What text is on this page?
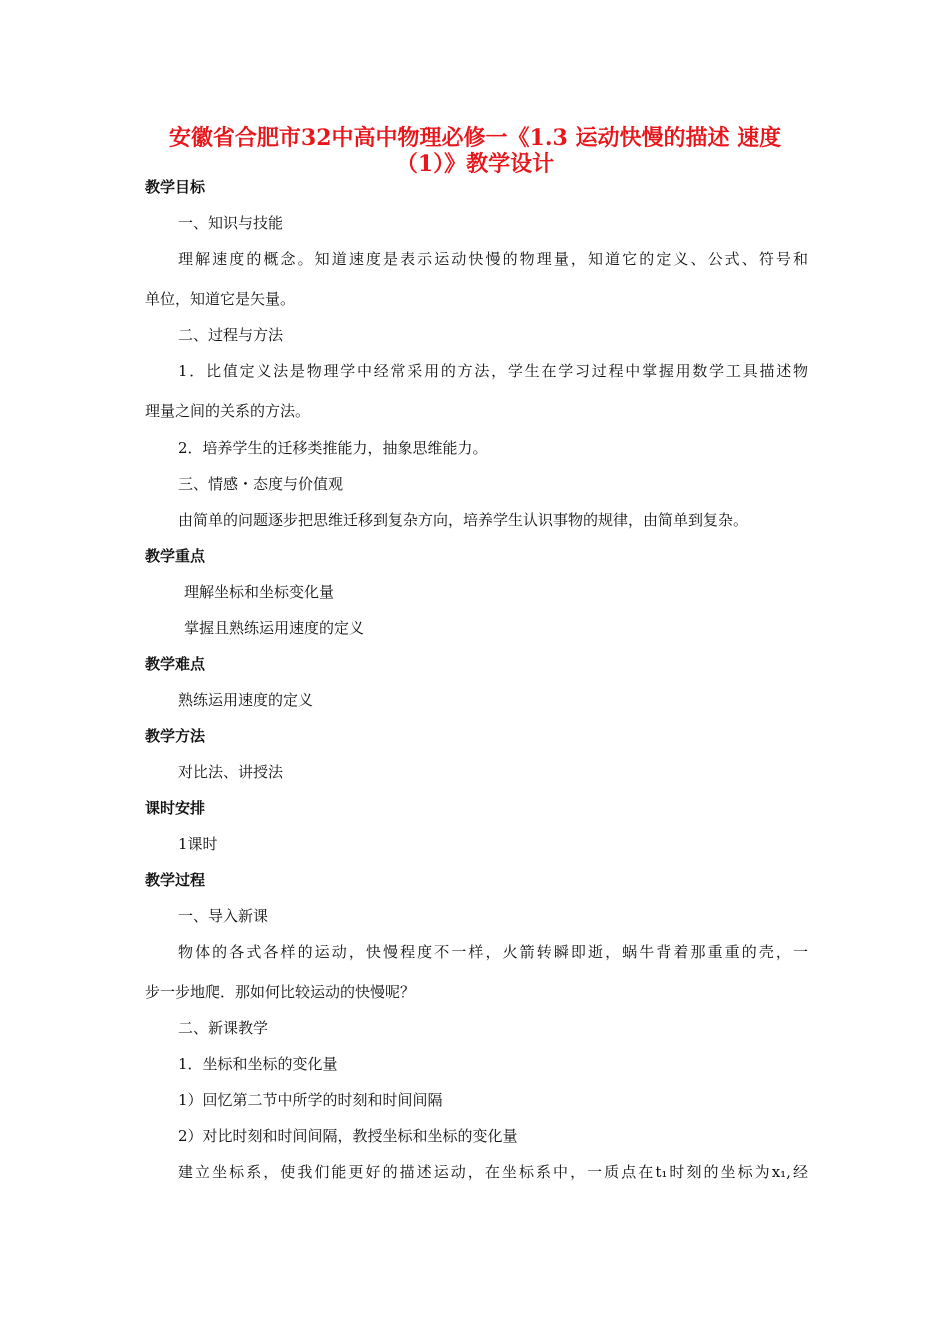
安徽省合肥市32中高中物理必修一《1.3 运动快慢的描述 速度
（1）》教学设计
教学目标
一、知识与技能
理解速度的概念。知道速度是表示运动快慢的物理量，知道它的定义、公式、符号和
单位，知道它是矢量。
二、过程与方法
1．比值定义法是物理学中经常采用的方法，学生在学习过程中掌握用数学工具描述物
理量之间的关系的方法。
2．培养学生的迁移类推能力，抽象思维能力。
三、情感・态度与价值观
由简单的问题逐步把思维迁移到复杂方向，培养学生认识事物的规律，由简单到复杂。
教学重点
理解坐标和坐标变化量
掌握且熟练运用速度的定义
教学难点
熟练运用速度的定义
教学方法
对比法、讲授法
课时安排
1课时
教学过程
一、导入新课
物体的各式各样的运动，快慢程度不一样，火箭转瞬即逝，蜗牛背着那重重的壳，一
步一步地爬．那如何比较运动的快慢呢？
二、新课教学
1．坐标和坐标的变化量
1）回忆第二节中所学的时刻和时间间隔
2）对比时刻和时间间隔，教授坐标和坐标的变化量
建立坐标系，使我们能更好的描述运动，在坐标系中，一质点在t₁时刻的坐标为x₁,经
